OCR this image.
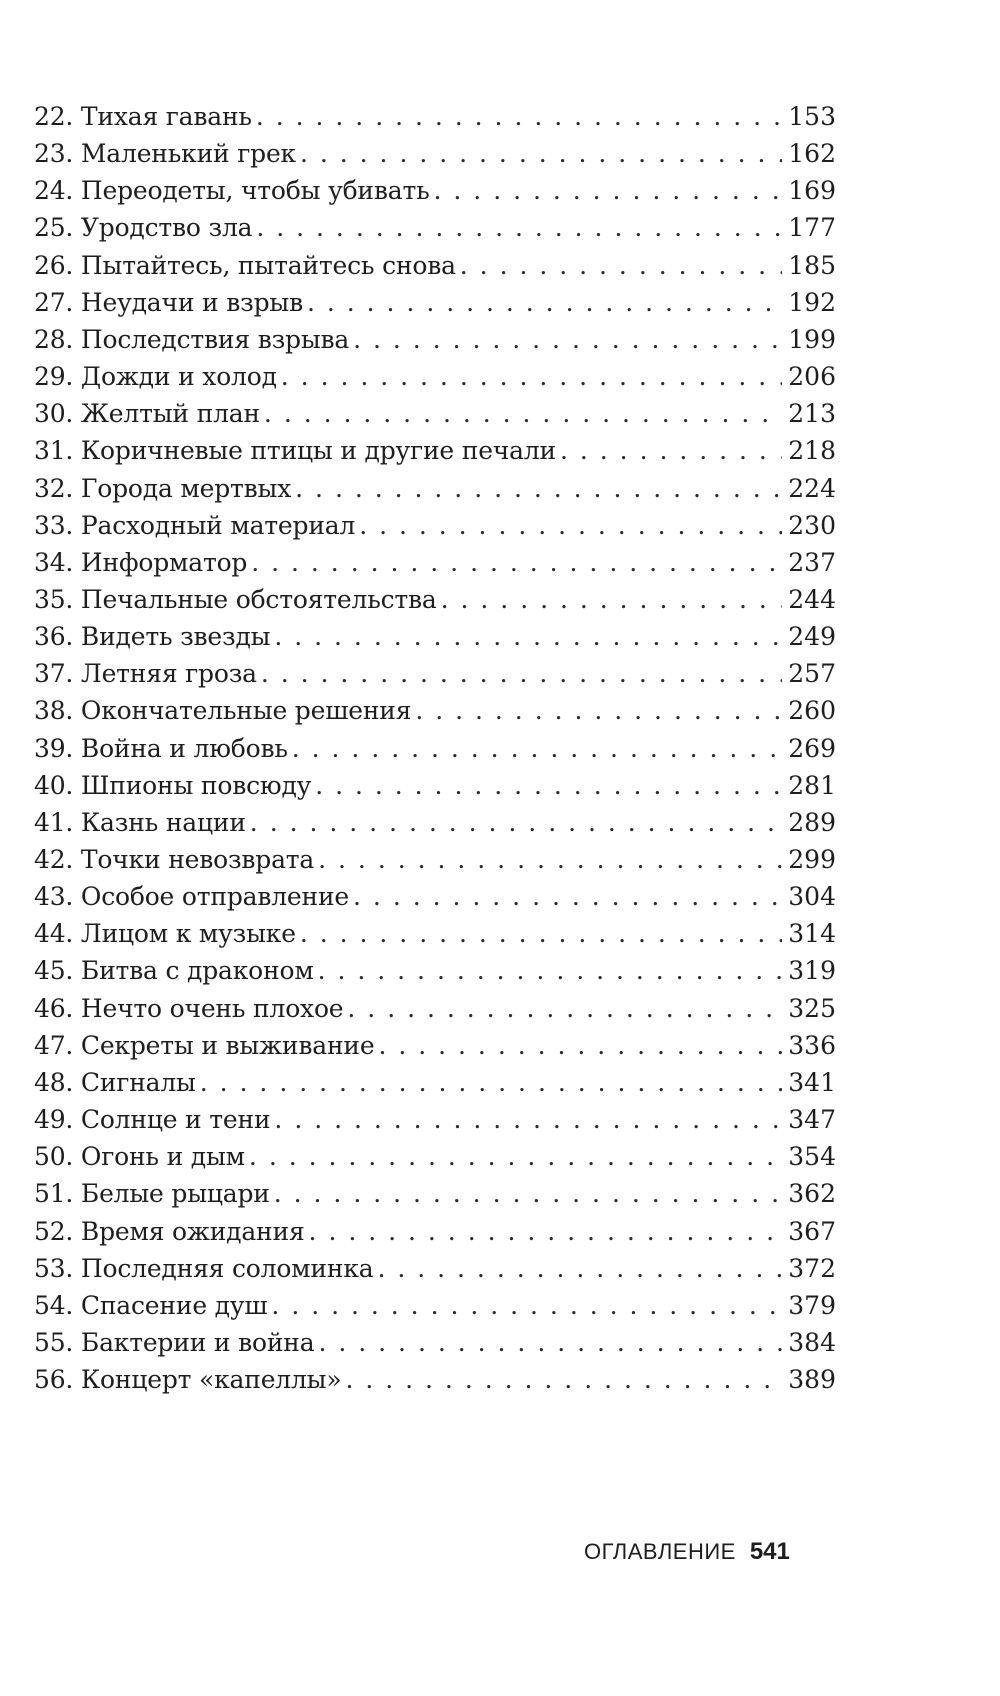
22. Тихая гавань . . .	153
23. Маленький грек . . .	162
24. Переодеты, чтобы убивать . . .	169
25. Уродство зла . . .	177
26. Пытайтесь, пытайтесь снова . . .	185
27. Неудачи и взрыв . . .	192
28. Последствия взрыва . . .	199
29. Дожди и холод . . .	206
30. Желтый план . . .	213
31. Коричневые птицы и другие печали . . .	218
32. Города мертвых . . .	224
33. Расходный материал . . .	230
34. Информатор . . .	237
35. Печальные обстоятельства . . .	244
36. Видеть звезды . . .	249
37. Летняя гроза . . .	257
38. Окончательные решения . . .	260
39. Война и любовь . . .	269
40. Шпионы повсюду . . .	281
41. Казнь нации . . .	289
42. Точки невозврата . . .	299
43. Особое отправление . . .	304
44. Лицом к музыке . . .	314
45. Битва с драконом . . .	319
46. Нечто очень плохое . . .	325
47. Секреты и выживание . . .	336
48. Сигналы . . .	341
49. Солнце и тени . . .	347
50. Огонь и дым . . .	354
51. Белые рыцари . . .	362
52. Время ожидания . . .	367
53. Последняя соломинка . . .	372
54. Спасение душ . . .	379
55. Бактерии и война . . .	384
56. Концерт «капеллы» . . .	389
ОГЛАВЛЕНИЕ 541
